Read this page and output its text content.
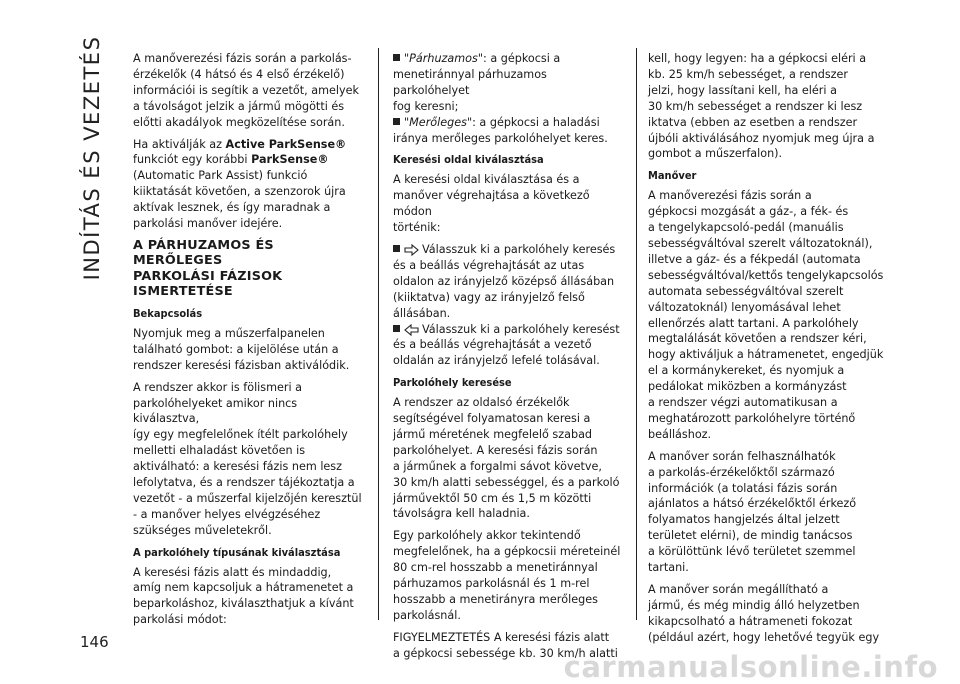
INDÍTÁS ÉS VEZETÉS	A manőverezési fázis során a parkolás-
érzékelők (4 hátsó és 4 első érzékelő)
információi is segítik a vezetőt, amelyek
a távolságot jelzik a jármű mögötti és
előtti akadályok megközelítése során.

Ha aktiválják az Active ParkSense®
funkciót egy korábbi ParkSense®
(Automatic Park Assist) funkció
kiiktatását követően, a szenzorok újra
aktívak lesznek, és így maradnak a
parkolási manőver idejére.

A PÁRHUZAMOS ÉS MERŐLEGES
PARKOLÁSI FÁZISOK
ISMERTETÉSE
Bekapcsolás

Nyomjuk meg a műszerfalpanelen
található gombot: a kijelölése után a
rendszer keresési fázisban aktiválódik.

A rendszer akkor is fölismeri a
parkolóhelyeket amikor nincs kiválasztva,
így egy megfelelőnek ítélt parkolóhely
melletti elhaladást követően is
aktiválható: a keresési fázis nem lesz
lefolytatva, és a rendszer tájékoztatja a
vezetőt - a műszerfal kijelzőjén keresztül
- a manőver helyes elvégzéséhez
szükséges műveletekről.

A parkolóhely típusának kiválasztása

A keresési fázis alatt és mindaddig,
amíg nem kapcsoljuk a hátramenetet a
beparkoláshoz, kiválaszthatjuk a kívánt
parkolási módot:

"Párhuzamos": a gépkocsi a
menetiránnyal párhuzamos parkolóhelyet
fog keresni;

"Merőleges": a gépkocsi a haladási
iránya merőleges parkolóhelyet keres.

Keresési oldal kiválasztása

A keresési oldal kiválasztása és a
manőver végrehajtása a következő módon
történik:

Válasszuk ki a parkolóhely keresés
és a beállás végrehajtását az utas
oldalon az irányjelző középső állásában
(kiiktatva) vagy az irányjelző felső
állásában.

Válasszuk ki a parkolóhely keresést
és a beállás végrehajtását a vezető
oldalán az irányjelző lefelé tolásával.

Parkolóhely keresése

A rendszer az oldalsó érzékelők
segítségével folyamatosan keresi a
jármű méretének megfelelő szabad
parkolóhelyet. A keresési fázis során
a járműnek a forgalmi sávot követve,
30 km/h alatti sebességgel, és a parkoló
járművektől 50 cm és 1,5 m közötti
távolságra kell haladnia.

Egy parkolóhely akkor tekintendő
megfelelőnek, ha a gépkocsii méreteinél
80 cm-rel hosszabb a menetiránnyal
párhuzamos parkolásnál és 1 m-rel
hosszabb a menetirányra merőleges
parkolásnál.

FIGYELMEZTETÉS A keresési fázis alatt
a gépkocsi sebessége kb. 30 km/h alatti

kell, hogy legyen: ha a gépkocsi eléri a
kb. 25 km/h sebességet, a rendszer
jelzi, hogy lassítani kell, ha eléri a
30 km/h sebességet a rendszer ki lesz
iktatva (ebben az esetben a rendszer
újbóli aktiválásához nyomjuk meg újra a
gombot a műszerfalon).

Manőver

A manőverezési fázis során a
gépkocsi mozgását a gáz-, a fék- és
a tengelykapcsoló-pedál (manuális
sebességváltóval szerelt változatoknál),
illetve a gáz- és a fékpedál (automata
sebességváltóval/kettős tengelykapcsolós
automata sebességváltóval szerelt
változatoknál) lenyomásával lehet
ellenőrzés alatt tartani. A parkolóhely
megtalálását követően a rendszer kéri,
hogy aktiváljuk a hátramenetet, engedjük
el a kormánykereket, és nyomjuk a
pedálokat miközben a kormányzást
a rendszer végzi automatikusan a
meghatározott parkolóhelyre történő
beálláshoz.

A manőver során felhasználhatók
a parkolás-érzékelőktől származó
információk (a tolatási fázis során
ajánlatos a hátsó érzékelőktől érkező
folyamatos hangjelzés által jelzett
területet elérni), de mindig tanácsos
a körülöttünk lévő területet szemmel
tartani.

A manőver során megállítható a
jármű, és még mindig álló helyzetben
kikapcsolható a hátrameneti fokozat
(például azért, hogy lehetővé tegyük egy

146
carmanualsonline.info
